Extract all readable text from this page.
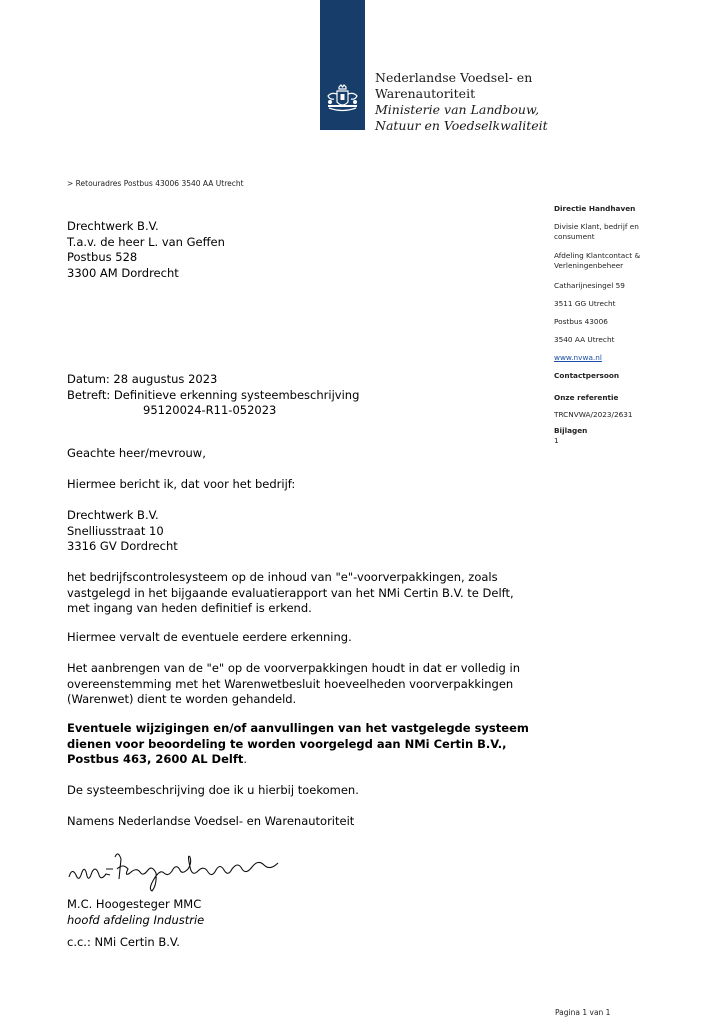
Nederlandse Voedsel- en
Warenautoriteit
Ministerie van Landbouw,
Natuur en Voedselkwaliteit
> Retouradres Postbus 43006 3540 AA Utrecht
Drechtwerk B.V.
T.a.v. de heer L. van Geffen
Postbus 528
3300 AM Dordrecht
Directie Handhaven
Divisie Klant, bedrijf en
consument
Afdeling Klantcontact &
Verleningenbeheer
Catharijnesingel 59
3511 GG Utrecht
Postbus 43006
3540 AA Utrecht
www.nvwa.nl
Contactpersoon
Onze referentie
TRCNVWA/2023/2631
Bijlagen
1
Datum: 28 augustus 2023
Betreft: Definitieve erkenning systeembeschrijving
95120024-R11-052023
Geachte heer/mevrouw,
Hiermee bericht ik, dat voor het bedrijf:
Drechtwerk B.V.
Snelliusstraat 10
3316 GV Dordrecht
het bedrijfscontrolesysteem op de inhoud van "e"-voorverpakkingen, zoals
vastgelegd in het bijgaande evaluatierapport van het NMi Certin B.V. te Delft,
met ingang van heden definitief is erkend.
Hiermee vervalt de eventuele eerdere erkenning.
Het aanbrengen van de "e" op de voorverpakkingen houdt in dat er volledig in
overeenstemming met het Warenwetbesluit hoeveelheden voorverpakkingen
(Warenwet) dient te worden gehandeld.
Eventuele wijzigingen en/of aanvullingen van het vastgelegde systeem
dienen voor beoordeling te worden voorgelegd aan NMi Certin B.V.,
Postbus 463, 2600 AL Delft.
De systeembeschrijving doe ik u hierbij toekomen.
Namens Nederlandse Voedsel- en Warenautoriteit
M.C. Hoogesteger MMC
hoofd afdeling Industrie
c.c.: NMi Certin B.V.
Pagina 1 van 1
